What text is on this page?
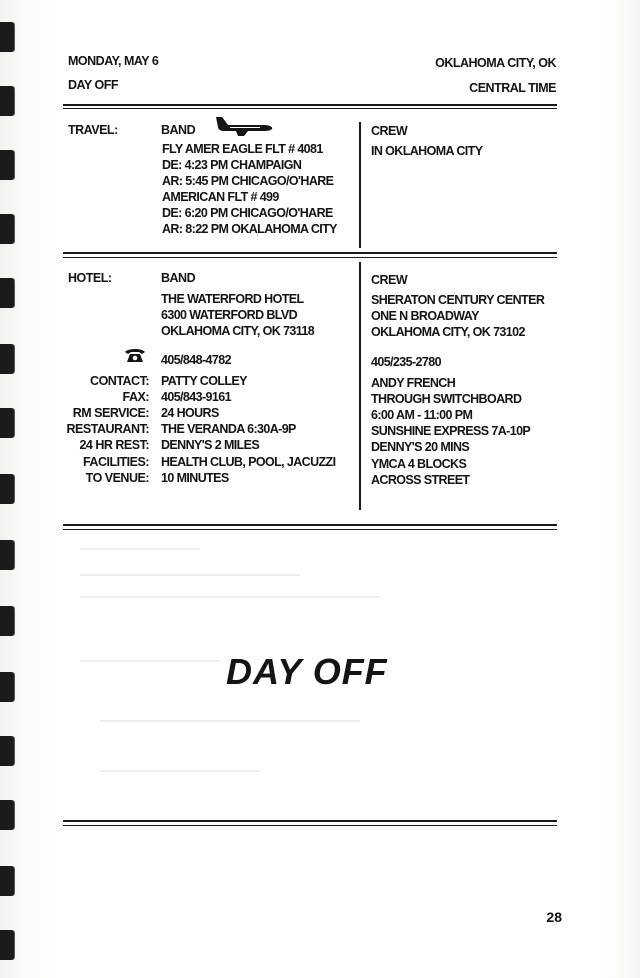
MONDAY, MAY 6
DAY OFF
OKLAHOMA CITY, OK
CENTRAL TIME
TRAVEL:	BAND
FLY AMER EAGLE FLT # 4081
DE: 4:23 PM CHAMPAIGN
AR: 5:45 PM CHICAGO/O'HARE
AMERICAN FLT # 499
DE: 6:20 PM CHICAGO/O'HARE
AR: 8:22 PM OKALAHOMA CITY
CREW
IN OKLAHOMA CITY
HOTEL:	BAND
THE WATERFORD HOTEL
6300 WATERFORD BLVD
OKLAHOMA CITY, OK 73118
CREW
SHERATON CENTURY CENTER
ONE N BROADWAY
OKLAHOMA CITY, OK 73102
405/848-4782	405/235-2780
CONTACT: PATTY COLLEY	ANDY FRENCH
FAX: 405/843-9161	THROUGH SWITCHBOARD
RM SERVICE: 24 HOURS	6:00 AM - 11:00 PM
RESTAURANT: THE VERANDA 6:30A-9P	SUNSHINE EXPRESS 7A-10P
24 HR REST: DENNY'S 2 MILES	DENNY'S 20 MINS
FACILITIES: HEALTH CLUB, POOL, JACUZZI	YMCA 4 BLOCKS
TO VENUE: 10 MINUTES	ACROSS STREET
DAY OFF
28
